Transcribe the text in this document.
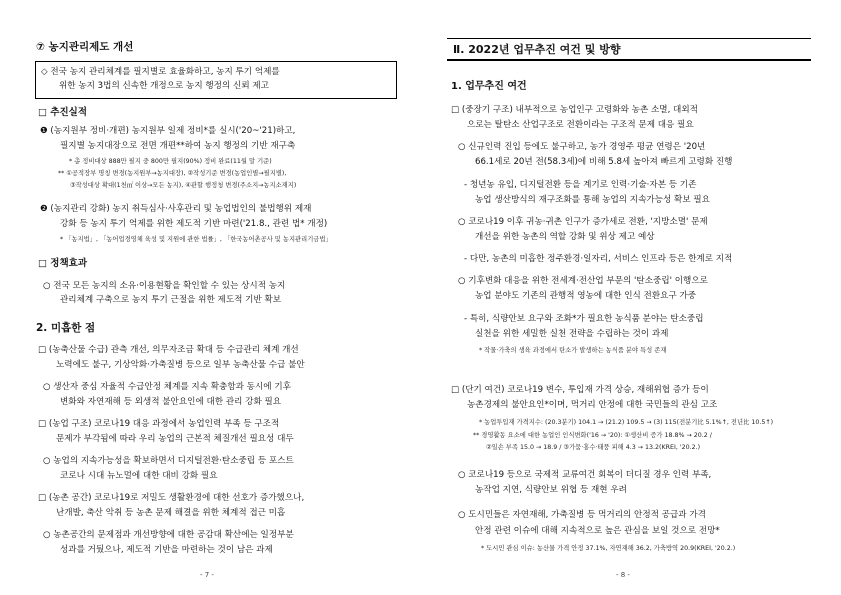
⑦ 농지관리제도 개선
◇ 전국 농지 관리체계를 필지별로 효율화하고, 농지 투기 억제를
위한 농지 3법의 신속한 개정으로 농지 행정의 신뢰 제고
□ 추진실적
❶ (농지원부 정비·개편) 농지원부 일제 정비*를 실시('20~'21)하고,
필지별 농지대장으로 전면 개편**하여 농지 행정의 기반 재구축
* 총 정비대상 888만 필지 중 800만 필지(90%) 정비 완료(11월 말 기준)
** ①공적장부 명칭 변경(농지원부→농지대장), ②작성기준 변경(농업인별→필지별),
③작성대상 확대(1천㎡ 이상→모든 농지), ④관할 행정청 변경(주소지→농지소재지)
❷ (농지관리 강화) 농지 취득심사·사후관리 및 농업법인의 불법행위 제재
강화 등 농지 투기 억제를 위한 제도적 기반 마련('21.8., 관련 법* 개정)
* 「농지법」, 「농어업경영체 육성 및 지원에 관한 법률」, 「한국농어촌공사 및 농지관리기금법」
□ 정책효과
○ 전국 모든 농지의 소유·이용현황을 확인할 수 있는 상시적 농지
관리체계 구축으로 농지 투기 근절을 위한 제도적 기반 확보
2. 미흡한 점
□ (농축산물 수급) 관측 개선, 의무자조금 확대 등 수급관리 체계 개선
노력에도 불구, 기상악화·가축질병 등으로 일부 농축산물 수급 불안
○ 생산자 중심 자율적 수급안정 체계를 지속 확충함과 동시에 기후
변화와 자연재해 등 외생적 불안요인에 대한 관리 강화 필요
□ (농업 구조) 코로나19 대응 과정에서 농업인력 부족 등 구조적
문제가 부각됨에 따라 우리 농업의 근본적 체질개선 필요성 대두
○ 농업의 지속가능성을 확보하면서 디지털전환·탄소중립 등 포스트
코로나 시대 뉴노멀에 대한 대비 강화 필요
□ (농촌 공간) 코로나19로 저밀도 생활환경에 대한 선호가 증가했으나,
난개발, 축산 악취 등 농촌 문제 해결을 위한 체계적 접근 미흡
○ 농촌공간의 문제점과 개선방향에 대한 공감대 확산에는 일정부분
성과를 거뒀으나, 제도적 기반을 마련하는 것이 남은 과제
- 7 -
Ⅱ. 2022년 업무추진 여건 및 방향
1. 업무추진 여건
□ (중장기 구조) 내부적으로 농업인구 고령화와 농촌 소멸, 대외적
으로는 탈탄소 산업구조로 전환이라는 구조적 문제 대응 필요
○ 신규인력 진입 등에도 불구하고, 농가 경영주 평균 연령은 '20년
66.1세로 20년 전(58.3세)에 비해 5.8세 높아져 빠르게 고령화 진행
- 청년농 유입, 디지털전환 등을 계기로 인력·기술·자본 등 기존
농업 생산방식의 재구조화를 통해 농업의 지속가능성 확보 필요
○ 코로나19 이후 귀농·귀촌 인구가 증가세로 전환, '지방소멸' 문제
개선을 위한 농촌의 역할 강화 및 위상 제고 예상
- 다만, 농촌의 미흡한 정주환경·일자리, 서비스 인프라 등은 한계로 지적
○ 기후변화 대응을 위한 전세계·전산업 부문의 '탄소중립' 이행으로
농업 분야도 기존의 관행적 영농에 대한 인식 전환요구 가중
- 특히, 식량안보 요구와 조화*가 필요한 농식품 분야는 탄소중립
실천을 위한 세밀한 실천 전략을 수립하는 것이 과제
* 작물·가축의 생육 과정에서 탄소가 발생하는 농식품 분야 특성 존재
□ (단기 여건) 코로나19 변수, 투입재 가격 상승, 재해위협 증가 등이
농촌경제의 불안요인*이며, 먹거리 안정에 대한 국민들의 관심 고조
* 농업투입재 가격지수: (20.3분기) 104.1 → (21.2) 109.5 → (3) 115(전분기比 5.1%↑, 전년比 10.5↑)
** 경영활동 요소에 대한 농업인 인식변화('16 → '20): ①생산비 증가 18.8% → 20.2 /
②일손 부족 15.0 → 18.9 / ③가뭄·홍수·태풍 피해 4.3 → 13.2(KREI, '20.2.)
○ 코로나19 등으로 국제적 교류여건 회복이 더디질 경우 인력 부족,
농작업 지연, 식량안보 위협 등 재현 우려
○ 도시민들은 자연재해, 가축질병 등 먹거리의 안정적 공급과 가격
안정 관련 이슈에 대해 지속적으로 높은 관심을 보일 것으로 전망*
* 도시민 관심 이슈: 농산물 가격 안정 37.1%, 자연재해 36.2, 가축방역 20.9(KREI, '20.2.)
- 8 -
